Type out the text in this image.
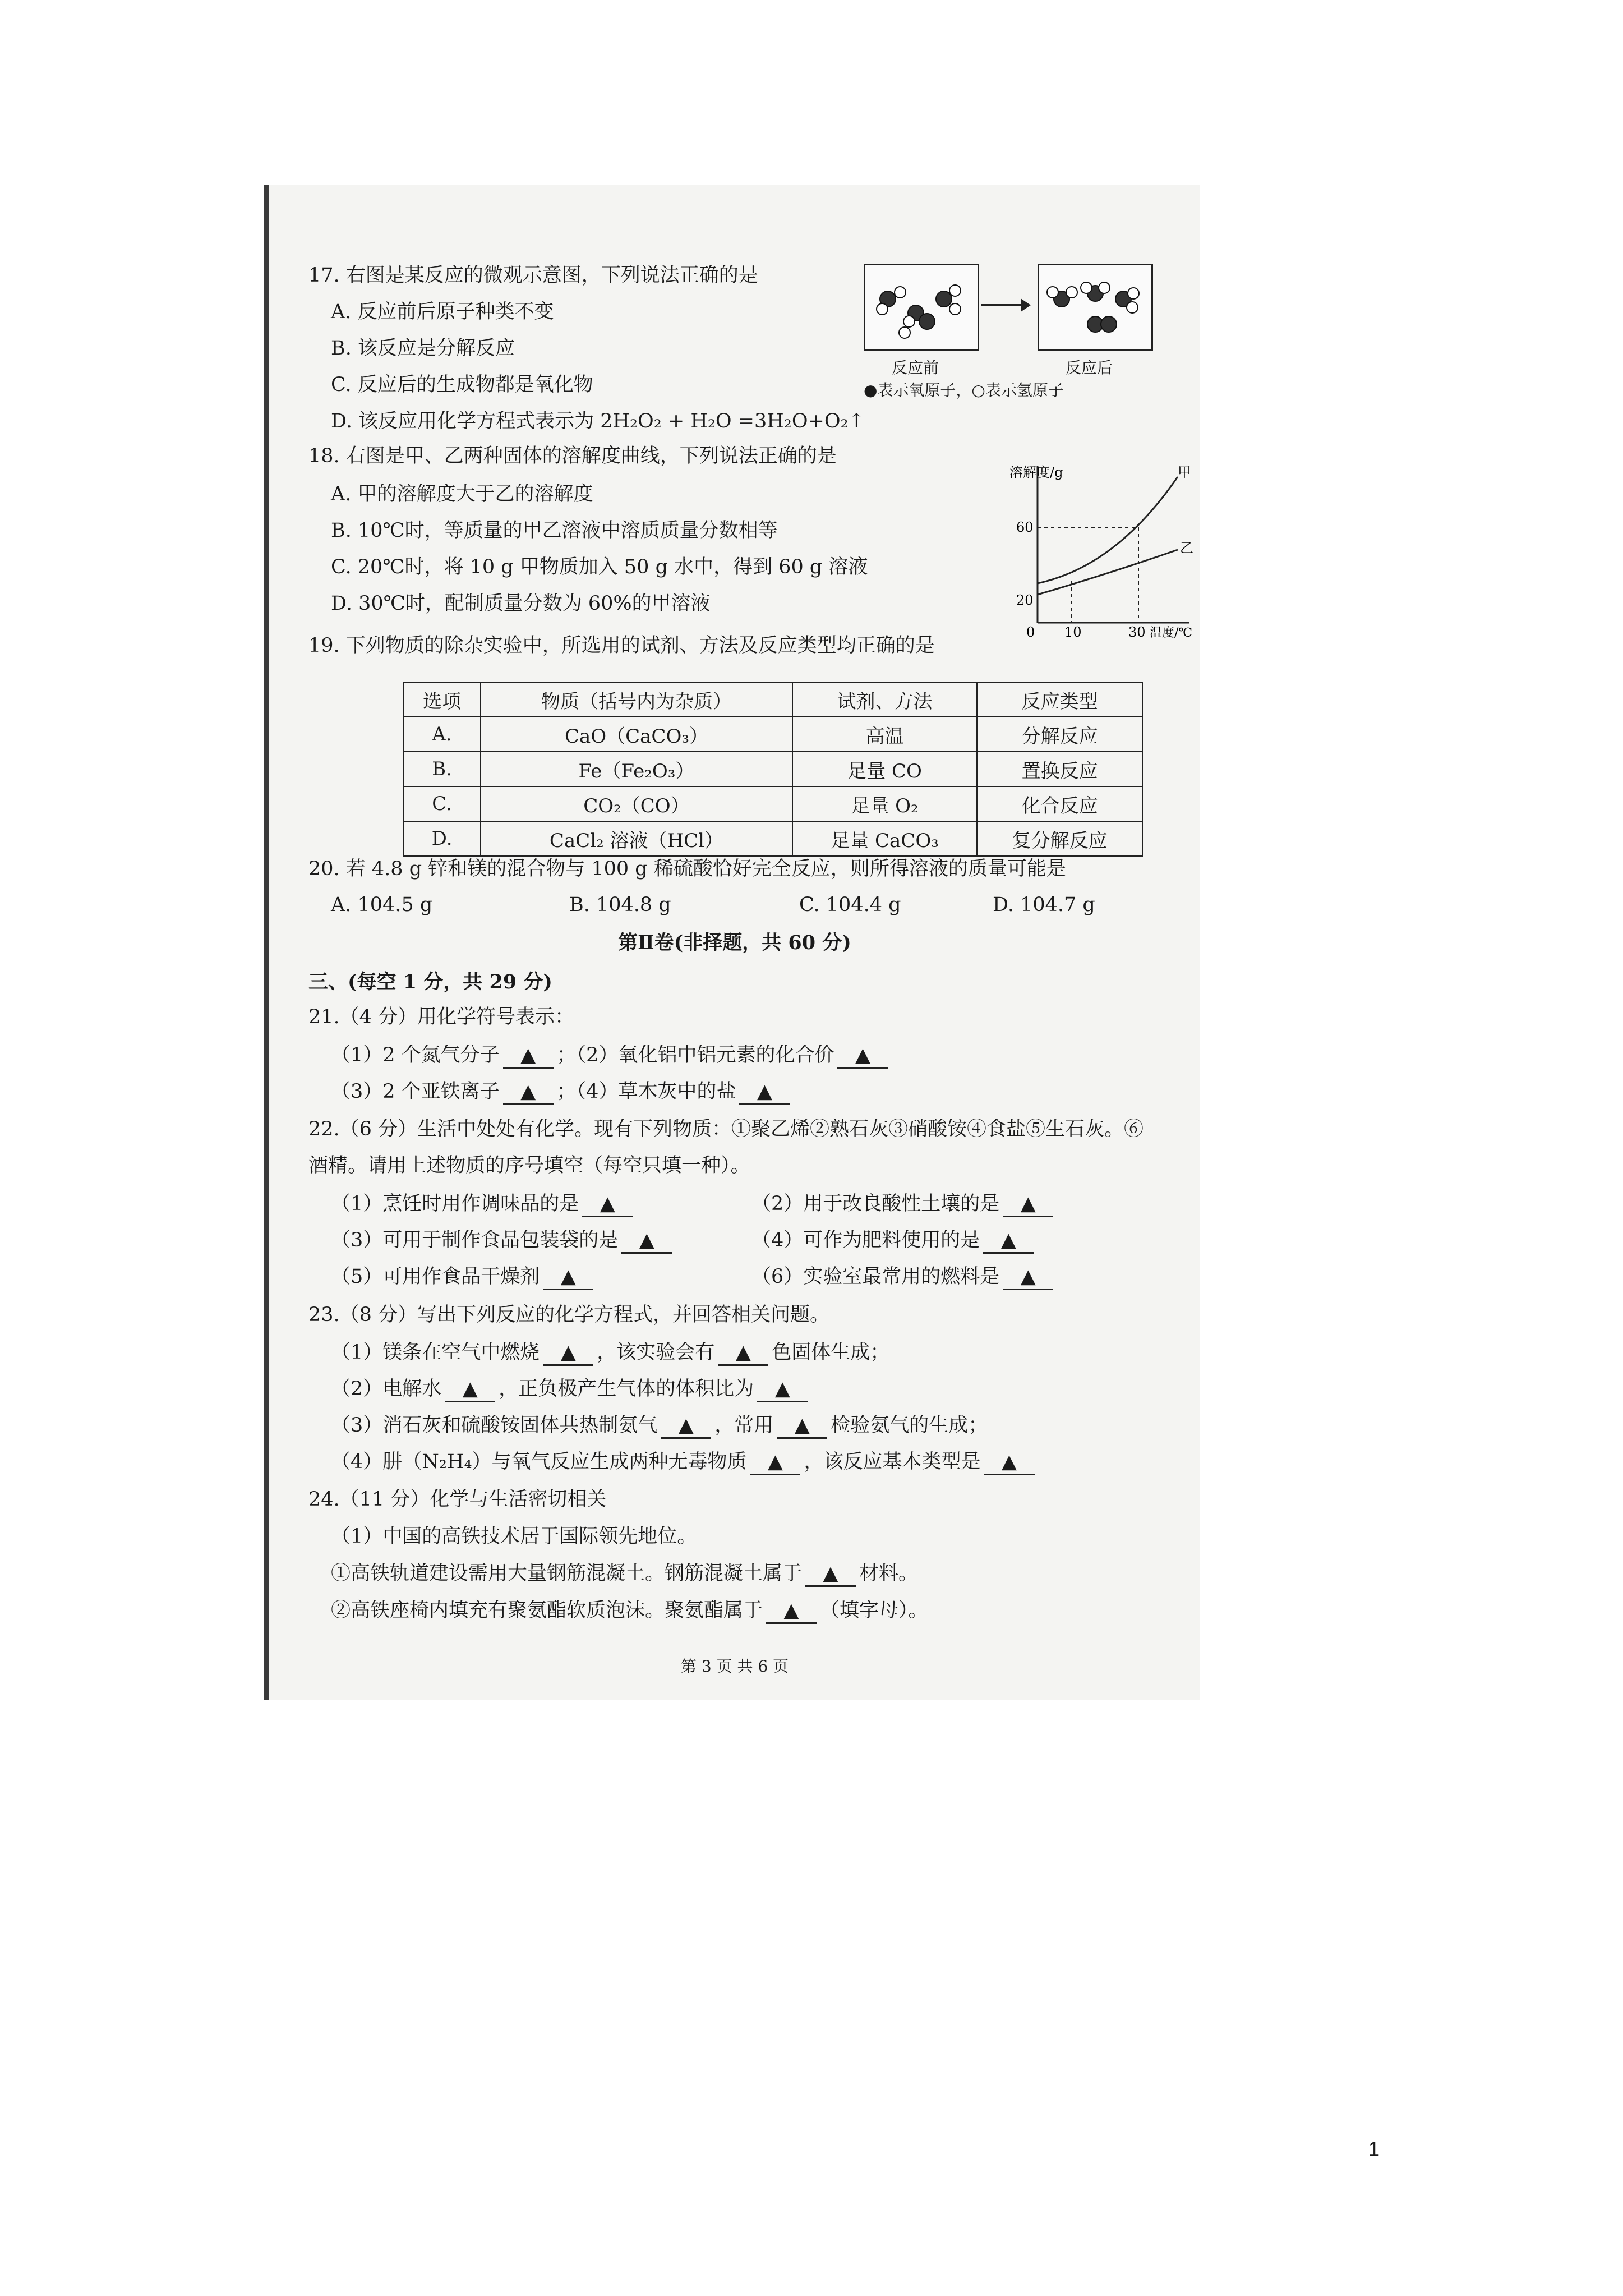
17. 右图是某反应的微观示意图，下列说法正确的是
A. 反应前后原子种类不变
B. 该反应是分解反应
C. 反应后的生成物都是氧化物
D. 该反应用化学方程式表示为 2H₂O₂ + H₂O =3H₂O+O₂↑
反应前	反应后
●表示氧原子，○表示氢原子
18. 右图是甲、乙两种固体的溶解度曲线，下列说法正确的是
A. 甲的溶解度大于乙的溶解度
B. 10℃时，等质量的甲乙溶液中溶质质量分数相等
C. 20℃时，将 10 g 甲物质加入 50 g 水中，得到 60 g 溶液
D. 30℃时，配制质量分数为 60%的甲溶液
溶解度/g
60
20
0 10	30 温度/℃
甲
乙
19. 下列物质的除杂实验中，所选用的试剂、方法及反应类型均正确的是
选项	物质（括号内为杂质）	试剂、方法	反应类型
A.	CaO（CaCO₃）	高温	分解反应
B.	Fe（Fe₂O₃）	足量 CO	置换反应
C.	CO₂（CO）	足量 O₂	化合反应
D.	CaCl₂ 溶液（HCl）	足量 CaCO₃	复分解反应
20. 若 4.8 g 锌和镁的混合物与 100 g 稀硫酸恰好完全反应，则所得溶液的质量可能是
A. 104.5 g	B. 104.8 g	C. 104.4 g	D. 104.7 g
第Ⅱ卷(非择题，共 60 分)
三、(每空 1 分，共 29 分)
21.（4 分）用化学符号表示：
（1）2 个氮气分子 ▲ ；（2）氧化铝中铝元素的化合价 ▲
（3）2 个亚铁离子 ▲ ；（4）草木灰中的盐 ▲
22.（6 分）生活中处处有化学。现有下列物质：①聚乙烯②熟石灰③硝酸铵④食盐⑤生石灰。⑥
酒精。请用上述物质的序号填空（每空只填一种）。
（1）烹饪时用作调味品的是 ▲	（2）用于改良酸性土壤的是 ▲
（3）可用于制作食品包装袋的是 ▲	（4）可作为肥料使用的是 ▲
（5）可用作食品干燥剂 ▲	（6）实验室最常用的燃料是 ▲
23.（8 分）写出下列反应的化学方程式，并回答相关问题。
（1）镁条在空气中燃烧 ▲ ，该实验会有 ▲ 色固体生成；
（2）电解水 ▲ ，正负极产生气体的体积比为 ▲
（3）消石灰和硫酸铵固体共热制氨气 ▲ ，常用 ▲ 检验氨气的生成；
（4）肼（N₂H₄）与氧气反应生成两种无毒物质 ▲ ，该反应基本类型是 ▲
24.（11 分）化学与生活密切相关
（1）中国的高铁技术居于国际领先地位。
①高铁轨道建设需用大量钢筋混凝土。钢筋混凝土属于 ▲ 材料。
②高铁座椅内填充有聚氨酯软质泡沫。聚氨酯属于 ▲ （填字母）。
第 3 页 共 6 页
1
